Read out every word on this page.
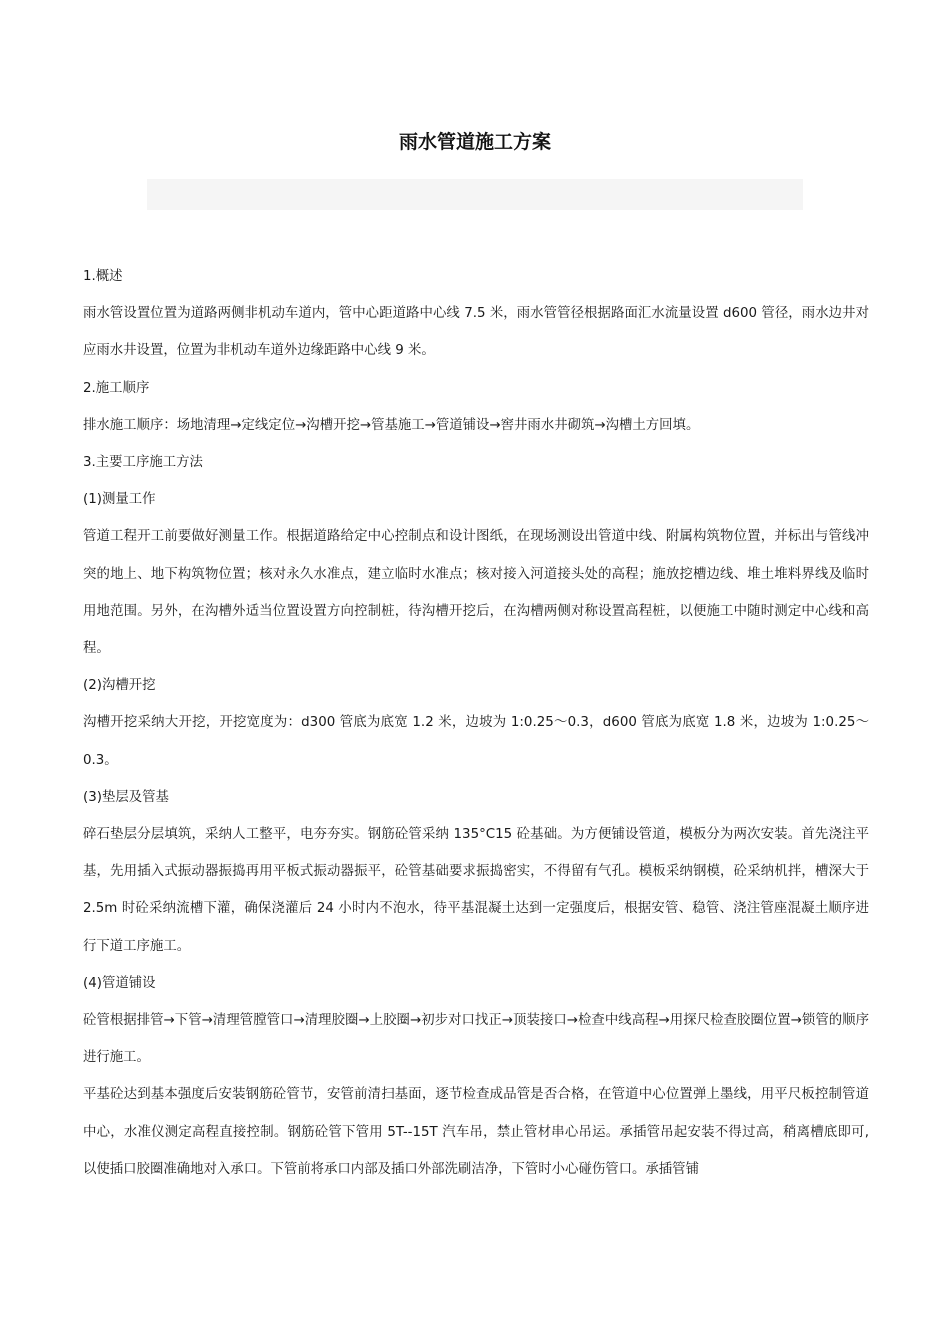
雨水管道施工方案

1.概述

雨水管设置位置为道路两侧非机动车道内，管中心距道路中心线 7.5 米，雨水管管径根据路面汇水流量设置 d600 管径，雨水边井对应雨水井设置，位置为非机动车道外边缘距路中心线 9 米。

2.施工顺序

排水施工顺序：场地清理→定线定位→沟槽开挖→管基施工→管道铺设→窖井雨水井砌筑→沟槽土方回填。

3.主要工序施工方法

(1)测量工作

管道工程开工前要做好测量工作。根据道路给定中心控制点和设计图纸，在现场测设出管道中线、附属构筑物位置，并标出与管线冲突的地上、地下构筑物位置；核对永久水准点，建立临时水准点；核对接入河道接头处的高程；施放挖槽边线、堆土堆料界线及临时用地范围。另外，在沟槽外适当位置设置方向控制桩，待沟槽开挖后，在沟槽两侧对称设置高程桩，以便施工中随时测定中心线和高程。

(2)沟槽开挖

沟槽开挖采纳大开挖，开挖宽度为：d300 管底为底宽 1.2 米，边坡为 1:0.25～0.3，d600 管底为底宽 1.8 米，边坡为 1:0.25～0.3。

(3)垫层及管基

碎石垫层分层填筑，采纳人工整平，电夯夯实。钢筋砼管采纳 135°C15 砼基础。为方便铺设管道，模板分为两次安装。首先浇注平基，先用插入式振动器振捣再用平板式振动器振平，砼管基础要求振捣密实，不得留有气孔。模板采纳钢模，砼采纳机拌，槽深大于 2.5m 时砼采纳流槽下灌，确保浇灌后 24 小时内不泡水，待平基混凝土达到一定强度后，根据安管、稳管、浇注管座混凝土顺序进行下道工序施工。

(4)管道铺设

砼管根据排管→下管→清理管膛管口→清理胶圈→上胶圈→初步对口找正→顶装接口→检查中线高程→用探尺检查胶圈位置→锁管的顺序进行施工。

平基砼达到基本强度后安装钢筋砼管节，安管前清扫基面，逐节检查成品管是否合格，在管道中心位置弹上墨线，用平尺板控制管道中心，水准仪测定高程直接控制。钢筋砼管下管用 5T--15T 汽车吊，禁止管材串心吊运。承插管吊起安装不得过高，稍离槽底即可, 以使插口胶圈准确地对入承口。下管前将承口内部及插口外部洗刷洁净，下管时小心碰伤管口。承插管铺
